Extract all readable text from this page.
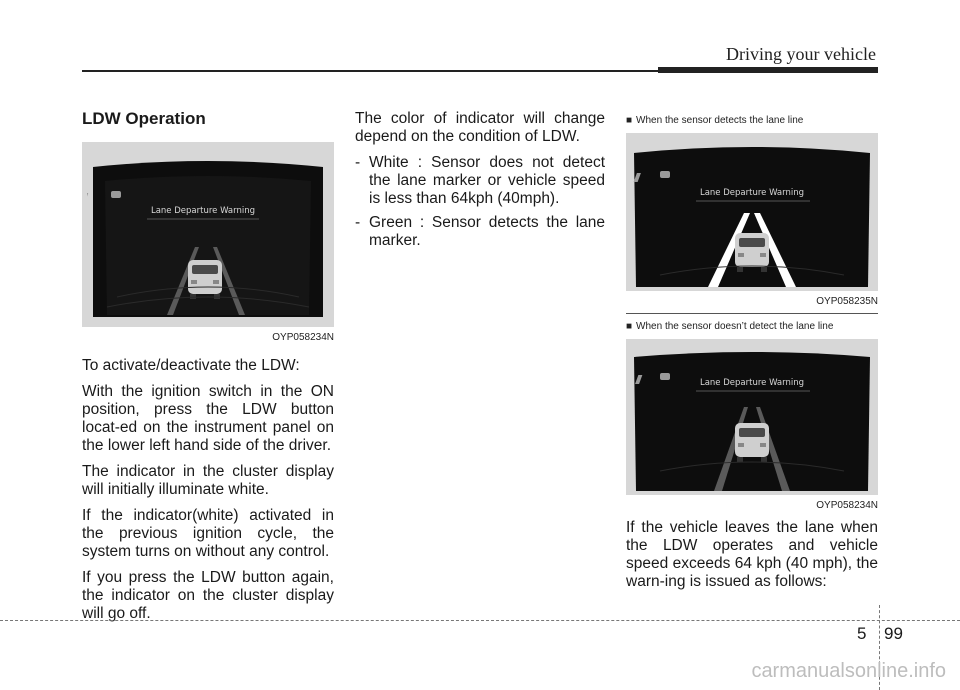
Driving your vehicle
LDW Operation
Lane Departure Warning
OYP058234N

To activate/deactivate the LDW:

With the ignition switch in the ON position, press the LDW button locat-ed on the instrument panel on the lower left hand side of the driver.

The indicator in the cluster display will initially illuminate white.

If the indicator(white) activated in the previous ignition cycle, the system turns on without any control.

If you press the LDW button again, the indicator on the cluster display will go off.

The color of indicator will change depend on the condition of LDW.

- White : Sensor does not detect the lane marker or vehicle speed is less than 64kph (40mph).
- Green : Sensor detects the lane marker.
■ When the sensor detects the lane line
Lane Departure Warning
OYP058235N
■ When the sensor doesn’t detect the lane line
Lane Departure Warning
OYP058234N

If the vehicle leaves the lane when the LDW operates and vehicle speed exceeds 64 kph (40 mph), the warn-ing is issued as follows:

5 99
carmanualsonline.info
